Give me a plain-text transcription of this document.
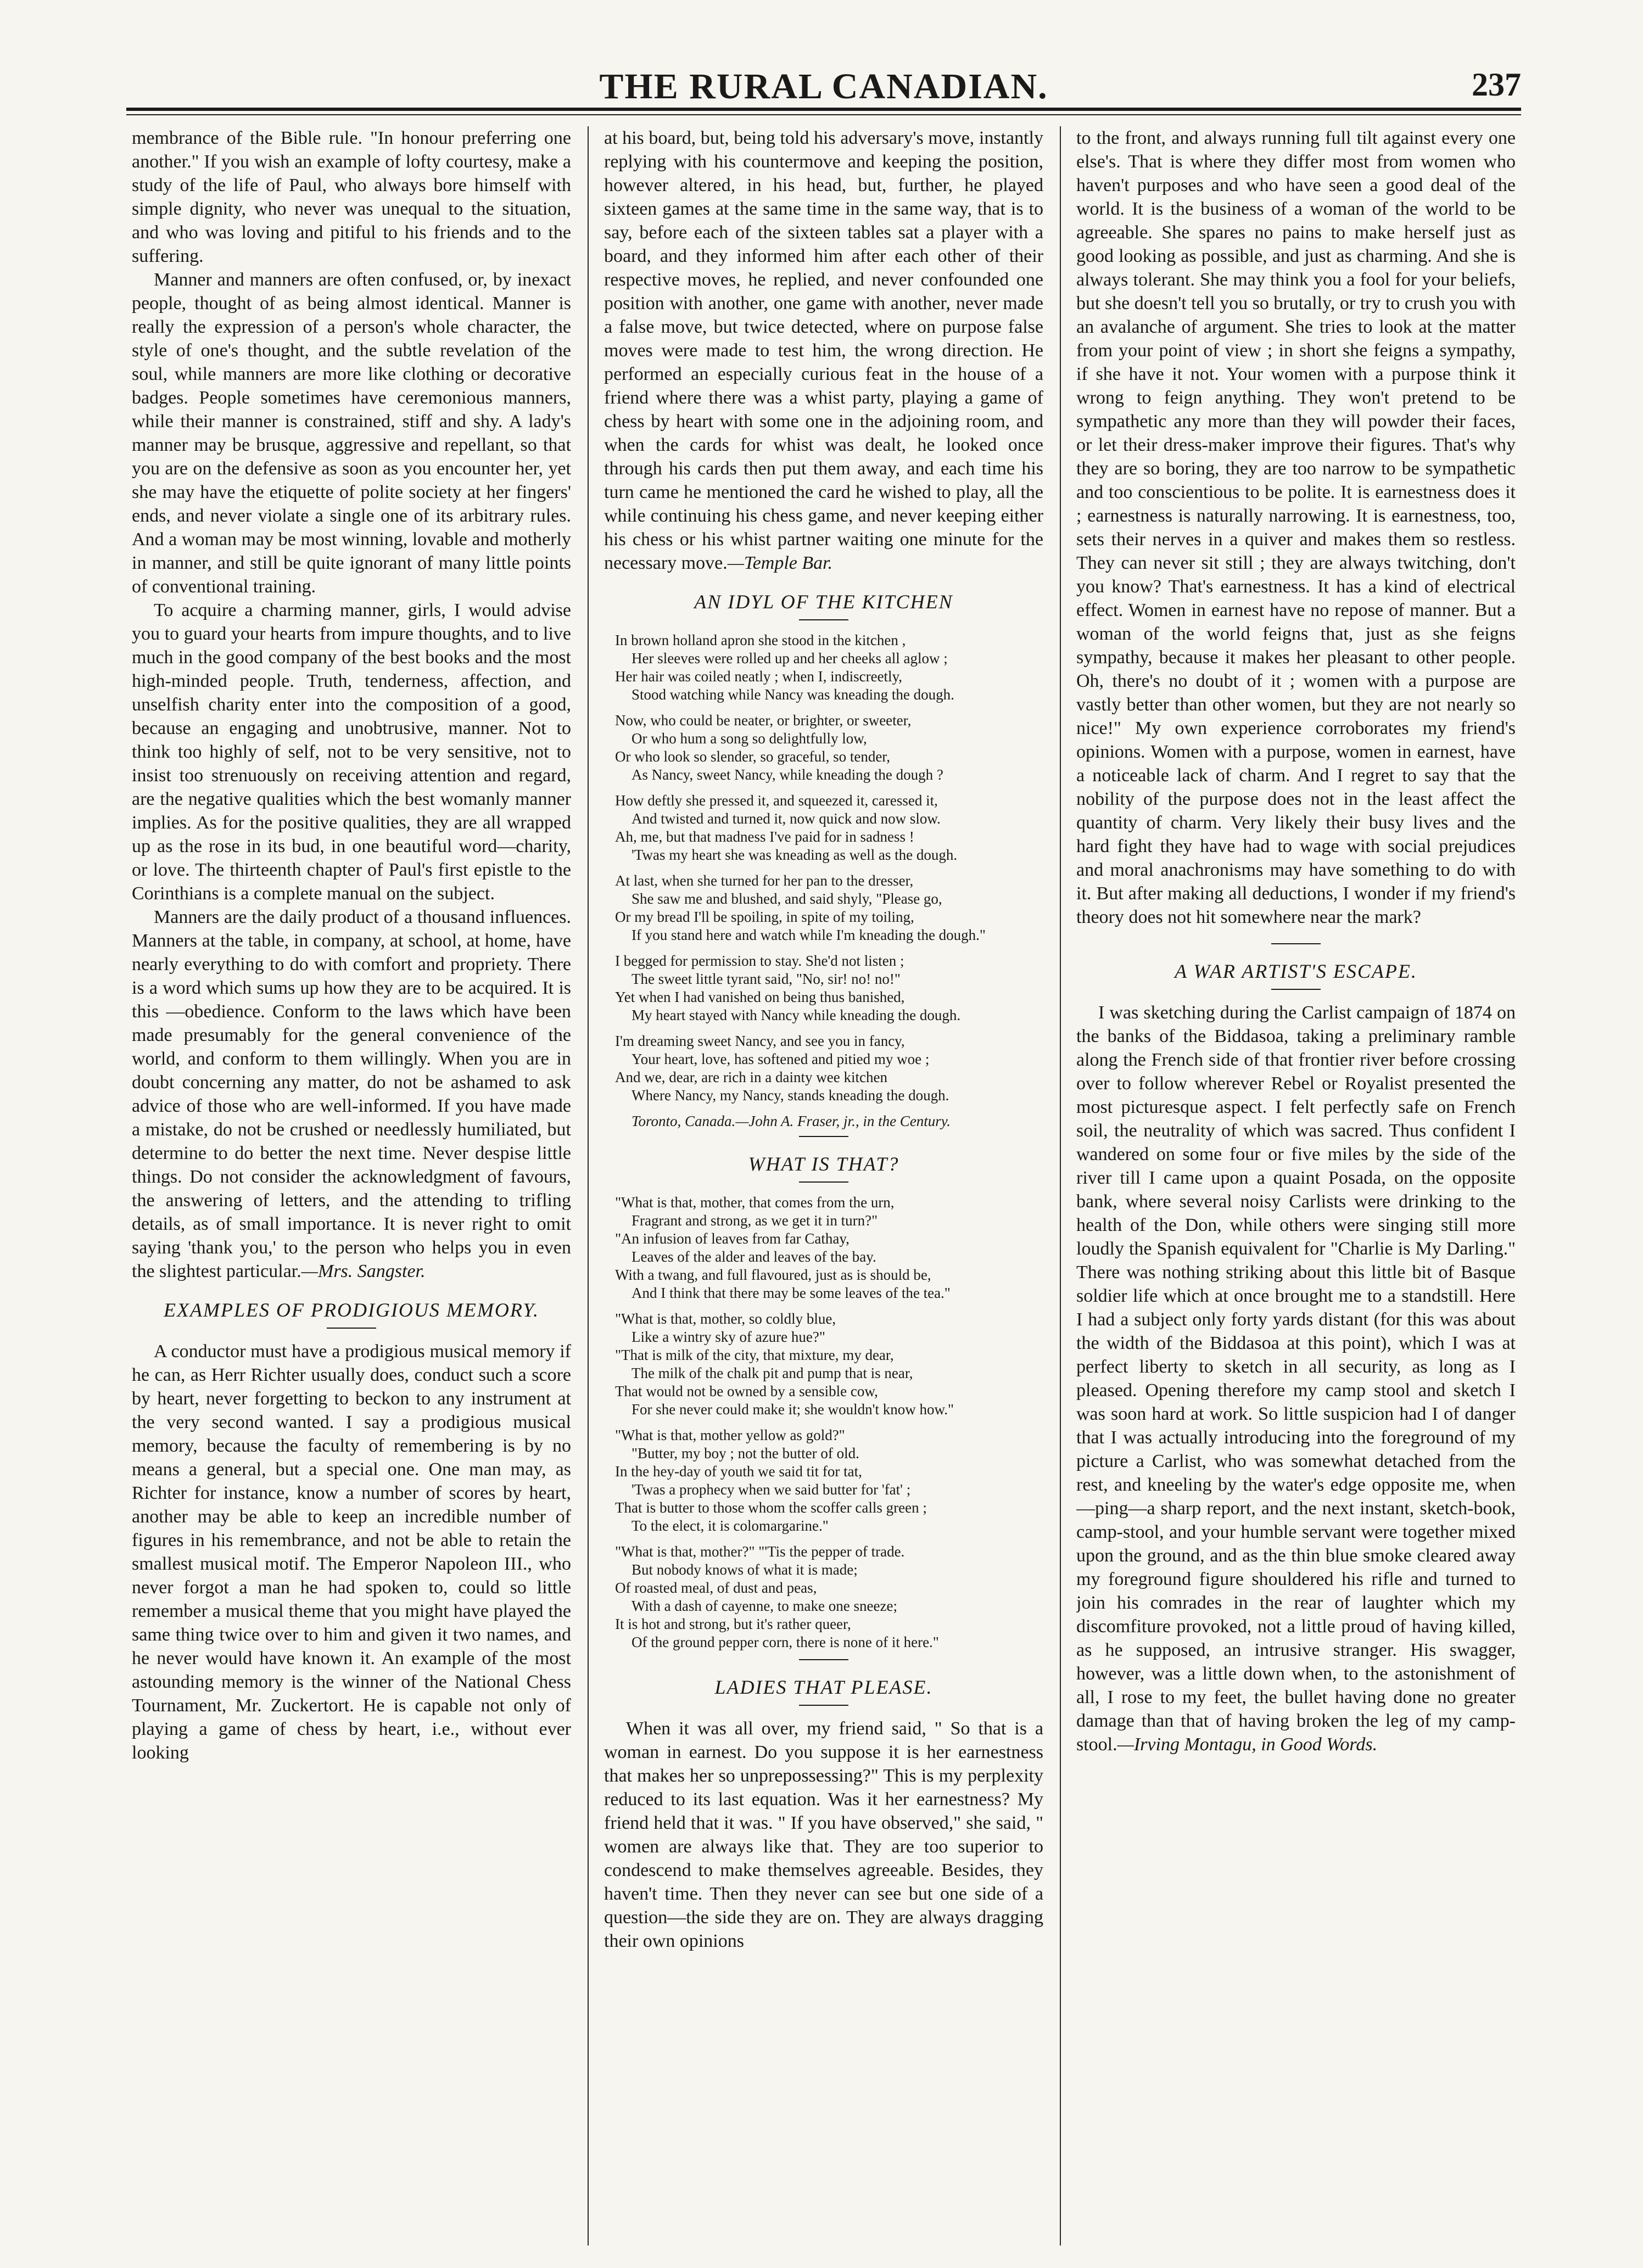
THE RURAL CANADIAN.	237

membrance of the Bible rule. "In honour preferring one another." If you wish an example of lofty courtesy, make a study of the life of Paul, who always bore himself with simple dignity, who never was unequal to the situation, and who was loving and pitiful to his friends and to the suffering.

Manner and manners are often confused, or, by inexact people, thought of as being almost identical. Manner is really the expression of a person's whole character, the style of one's thought, and the subtle revelation of the soul, while manners are more like clothing or decorative badges. People sometimes have ceremonious manners, while their manner is constrained, stiff and shy. A lady's manner may be brusque, aggressive and repellant, so that you are on the defensive as soon as you encounter her, yet she may have the etiquette of polite society at her fingers' ends, and never violate a single one of its arbitrary rules. And a woman may be most winning, lovable and motherly in manner, and still be quite ignorant of many little points of conventional training.

To acquire a charming manner, girls, I would advise you to guard your hearts from impure thoughts, and to live much in the good company of the best books and the most high-minded people. Truth, tenderness, affection, and unselfish charity enter into the composition of a good, because an engaging and unobtrusive, manner. Not to think too highly of self, not to be very sensitive, not to insist too strenuously on receiving attention and regard, are the negative qualities which the best womanly manner implies. As for the positive qualities, they are all wrapped up as the rose in its bud, in one beautiful word—charity, or love. The thirteenth chapter of Paul's first epistle to the Corinthians is a complete manual on the subject.

Manners are the daily product of a thousand influences. Manners at the table, in company, at school, at home, have nearly everything to do with comfort and propriety. There is a word which sums up how they are to be acquired. It is this —obedience. Conform to the laws which have been made presumably for the general convenience of the world, and conform to them willingly. When you are in doubt concerning any matter, do not be ashamed to ask advice of those who are well-informed. If you have made a mistake, do not be crushed or needlessly humiliated, but determine to do better the next time. Never despise little things. Do not consider the acknowledgment of favours, the answering of letters, and the attending to trifling details, as of small importance. It is never right to omit saying 'thank you,' to the person who helps you in even the slightest particular.—Mrs. Sangster.

EXAMPLES OF PRODIGIOUS MEMORY.

A conductor must have a prodigious musical memory if he can, as Herr Richter usually does, conduct such a score by heart, never forgetting to beckon to any instrument at the very second wanted. I say a prodigious musical memory, because the faculty of remembering is by no means a general, but a special one. One man may, as Richter for instance, know a number of scores by heart, another may be able to keep an incredible number of figures in his remembrance, and not be able to retain the smallest musical motif. The Emperor Napoleon III., who never forgot a man he had spoken to, could so little remember a musical theme that you might have played the same thing twice over to him and given it two names, and he never would have known it. An example of the most astounding memory is the winner of the National Chess Tournament, Mr. Zuckertort. He is capable not only of playing a game of chess by heart, i.e., without ever looking

at his board, but, being told his adversary's move, instantly replying with his countermove and keeping the position, however altered, in his head, but, further, he played sixteen games at the same time in the same way, that is to say, before each of the sixteen tables sat a player with a board, and they informed him after each other of their respective moves, he replied, and never confounded one position with another, one game with another, never made a false move, but twice detected, where on purpose false moves were made to test him, the wrong direction. He performed an especially curious feat in the house of a friend where there was a whist party, playing a game of chess by heart with some one in the adjoining room, and when the cards for whist was dealt, he looked once through his cards then put them away, and each time his turn came he mentioned the card he wished to play, all the while continuing his chess game, and never keeping either his chess or his whist partner waiting one minute for the necessary move.—Temple Bar.

AN IDYL OF THE KITCHEN
In brown holland apron she stood in the kitchen ,
Her sleeves were rolled up and her cheeks all aglow ;
Her hair was coiled neatly ; when I, indiscreetly,
Stood watching while Nancy was kneading the dough.
Now, who could be neater, or brighter, or sweeter,
Or who hum a song so delightfully low,
Or who look so slender, so graceful, so tender,
As Nancy, sweet Nancy, while kneading the dough ?
How deftly she pressed it, and squeezed it, caressed it,
And twisted and turned it, now quick and now slow.
Ah, me, but that madness I've paid for in sadness !
'Twas my heart she was kneading as well as the dough.
At last, when she turned for her pan to the dresser,
She saw me and blushed, and said shyly, "Please go,
Or my bread I'll be spoiling, in spite of my toiling,
If you stand here and watch while I'm kneading the dough."
I begged for permission to stay. She'd not listen ;
The sweet little tyrant said, "No, sir! no! no!"
Yet when I had vanished on being thus banished,
My heart stayed with Nancy while kneading the dough.
I'm dreaming sweet Nancy, and see you in fancy,
Your heart, love, has softened and pitied my woe ;
And we, dear, are rich in a dainty wee kitchen
Where Nancy, my Nancy, stands kneading the dough.
Toronto, Canada.—John A. Fraser, jr., in the Century.
WHAT IS THAT?
"What is that, mother, that comes from the urn,
Fragrant and strong, as we get it in turn?"
"An infusion of leaves from far Cathay,
Leaves of the alder and leaves of the bay.
With a twang, and full flavoured, just as is should be,
And I think that there may be some leaves of the tea."
"What is that, mother, so coldly blue,
Like a wintry sky of azure hue?"
"That is milk of the city, that mixture, my dear,
The milk of the chalk pit and pump that is near,
That would not be owned by a sensible cow,
For she never could make it; she wouldn't know how."
"What is that, mother yellow as gold?"
"Butter, my boy ; not the butter of old.
In the hey-day of youth we said tit for tat,
'Twas a prophecy when we said butter for 'fat' ;
That is butter to those whom the scoffer calls green ;
To the elect, it is colomargarine."
"What is that, mother?" "'Tis the pepper of trade.
But nobody knows of what it is made;
Of roasted meal, of dust and peas,
With a dash of cayenne, to make one sneeze;
It is hot and strong, but it's rather queer,
Of the ground pepper corn, there is none of it here."
LADIES THAT PLEASE.

When it was all over, my friend said, " So that is a woman in earnest. Do you suppose it is her earnestness that makes her so unprepossessing?" This is my perplexity reduced to its last equation. Was it her earnestness? My friend held that it was. " If you have observed," she said, " women are always like that. They are too superior to condescend to make themselves agreeable. Besides, they haven't time. Then they never can see but one side of a question—the side they are on. They are always dragging their own opinions

to the front, and always running full tilt against every one else's. That is where they differ most from women who haven't purposes and who have seen a good deal of the world. It is the business of a woman of the world to be agreeable. She spares no pains to make herself just as good looking as possible, and just as charming. And she is always tolerant. She may think you a fool for your beliefs, but she doesn't tell you so brutally, or try to crush you with an avalanche of argument. She tries to look at the matter from your point of view ; in short she feigns a sympathy, if she have it not. Your women with a purpose think it wrong to feign anything. They won't pretend to be sympathetic any more than they will powder their faces, or let their dress-maker improve their figures. That's why they are so boring, they are too narrow to be sympathetic and too conscientious to be polite. It is earnestness does it ; earnestness is naturally narrowing. It is earnestness, too, sets their nerves in a quiver and makes them so restless. They can never sit still ; they are always twitching, don't you know? That's earnestness. It has a kind of electrical effect. Women in earnest have no repose of manner. But a woman of the world feigns that, just as she feigns sympathy, because it makes her pleasant to other people. Oh, there's no doubt of it ; women with a purpose are vastly better than other women, but they are not nearly so nice!" My own experience corroborates my friend's opinions. Women with a purpose, women in earnest, have a noticeable lack of charm. And I regret to say that the nobility of the purpose does not in the least affect the quantity of charm. Very likely their busy lives and the hard fight they have had to wage with social prejudices and moral anachronisms may have something to do with it. But after making all deductions, I wonder if my friend's theory does not hit somewhere near the mark?

A WAR ARTIST'S ESCAPE.

I was sketching during the Carlist campaign of 1874 on the banks of the Biddasoa, taking a preliminary ramble along the French side of that frontier river before crossing over to follow wherever Rebel or Royalist presented the most picturesque aspect. I felt perfectly safe on French soil, the neutrality of which was sacred. Thus confident I wandered on some four or five miles by the side of the river till I came upon a quaint Posada, on the opposite bank, where several noisy Carlists were drinking to the health of the Don, while others were singing still more loudly the Spanish equivalent for "Charlie is My Darling." There was nothing striking about this little bit of Basque soldier life which at once brought me to a standstill. Here I had a subject only forty yards distant (for this was about the width of the Biddasoa at this point), which I was at perfect liberty to sketch in all security, as long as I pleased. Opening therefore my camp stool and sketch I was soon hard at work. So little suspicion had I of danger that I was actually introducing into the foreground of my picture a Carlist, who was somewhat detached from the rest, and kneeling by the water's edge opposite me, when—ping—a sharp report, and the next instant, sketch-book, camp-stool, and your humble servant were together mixed upon the ground, and as the thin blue smoke cleared away my foreground figure shouldered his rifle and turned to join his comrades in the rear of laughter which my discomfiture provoked, not a little proud of having killed, as he supposed, an intrusive stranger. His swagger, however, was a little down when, to the astonishment of all, I rose to my feet, the bullet having done no greater damage than that of having broken the leg of my camp-stool.—Irving Montagu, in Good Words.
